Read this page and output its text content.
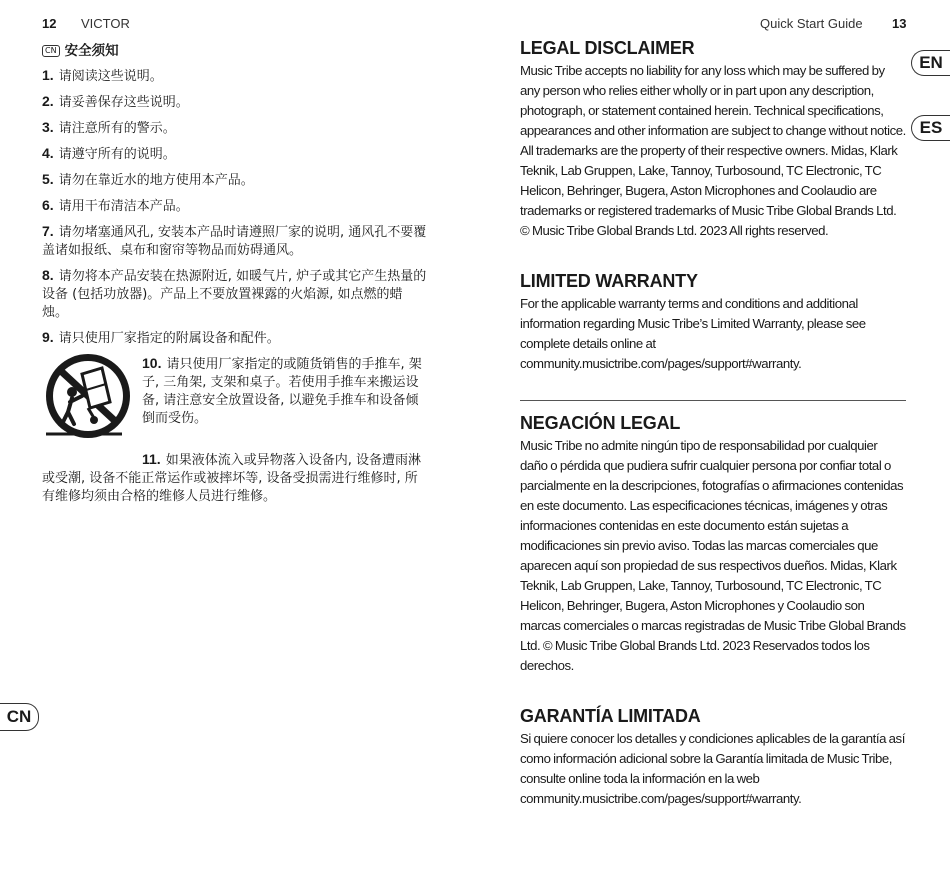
12 VICTOR
CN 安全须知
1. 请阅读这些说明。
2. 请妥善保存这些说明。
3. 请注意所有的警示。
4. 请遵守所有的说明。
5. 请勿在靠近水的地方使用本产品。
6. 请用干布清洁本产品。
7. 请勿堵塞通风孔, 安装本产品时请遵照厂家的说明, 通风孔不要覆盖诸如报纸、桌布和窗帘等物品而妨碍通风。
8. 请勿将本产品安装在热源附近, 如暖气片, 炉子或其它产生热量的设备 (包括功放器)。产品上不要放置裸露的火焰源, 如点燃的蜡烛。
9. 请只使用厂家指定的附属设备和配件。
10. 请只使用厂家指定的或随货销售的手推车, 架子, 三角架, 支架和桌子。若使用手推车来搬运设备, 请注意安全放置设备, 以避免手推车和设备倾倒而受伤。
11. 如果液体流入或异物落入设备内, 设备遭雨淋或受潮, 设备不能正常运作或被摔坏等, 设备受损需进行维修时, 所有维修均须由合格的维修人员进行维修。
CN
Quick Start Guide 13
EN
ES
LEGAL DISCLAIMER

Music Tribe accepts no liability for any loss which may be suffered by any person who relies either wholly or in part upon any description, photograph, or statement contained herein. Technical specifications, appearances and other information are subject to change without notice. All trademarks are the property of their respective owners. Midas, Klark Teknik, Lab Gruppen, Lake, Tannoy, Turbosound, TC Electronic, TC Helicon, Behringer, Bugera, Aston Microphones and Coolaudio are trademarks or registered trademarks of Music Tribe Global Brands Ltd. © Music Tribe Global Brands Ltd. 2023 All rights reserved.

LIMITED WARRANTY

For the applicable warranty terms and conditions and additional information regarding Music Tribe’s Limited Warranty, please see complete details online at community.musictribe.com/pages/support#warranty.

NEGACIÓN LEGAL

Music Tribe no admite ningún tipo de responsabilidad por cualquier daño o pérdida que pudiera sufrir cualquier persona por confiar total o parcialmente en la descripciones, fotografías o afirmaciones contenidas en este documento. Las especificaciones técnicas, imágenes y otras informaciones contenidas en este documento están sujetas a modificaciones sin previo aviso. Todas las marcas comerciales que aparecen aquí son propiedad de sus respectivos dueños. Midas, Klark Teknik, Lab Gruppen, Lake, Tannoy, Turbosound, TC Electronic, TC Helicon, Behringer, Bugera, Aston Microphones y Coolaudio son marcas comerciales o marcas registradas de Music Tribe Global Brands Ltd. © Music Tribe Global Brands Ltd. 2023 Reservados todos los derechos.

GARANTÍA LIMITADA

Si quiere conocer los detalles y condiciones aplicables de la garantía así como información adicional sobre la Garantía limitada de Music Tribe, consulte online toda la información en la web community.musictribe.com/pages/support#warranty.
